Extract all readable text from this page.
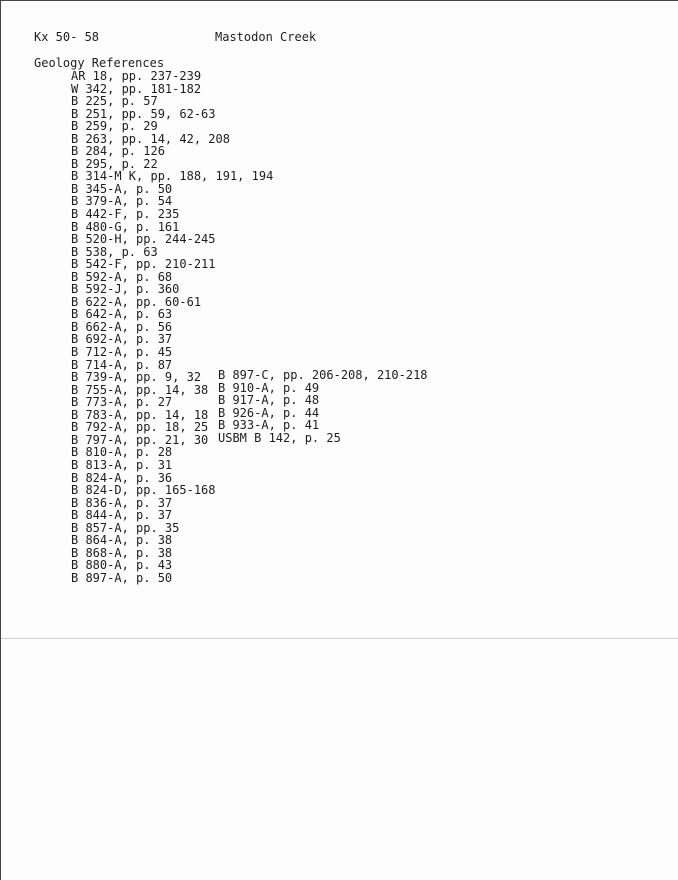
Kx 50- 58	Mastodon Creek
Geology References
AR 18, pp. 237-239
W 342, pp. 181-182
B 225, p. 57
B 251, pp. 59, 62-63
B 259, p. 29
B 263, pp. 14, 42, 208
B 284, p. 126
B 295, p. 22
B 314-M K, pp. 188, 191, 194
B 345-A, p. 50
B 379-A, p. 54
B 442-F, p. 235
B 480-G, p. 161
B 520-H, pp. 244-245
B 538, p. 63
B 542-F, pp. 210-211
B 592-A, p. 68
B 592-J, p. 360
B 622-A, pp. 60-61
B 642-A, p. 63
B 662-A, p. 56
B 692-A, p. 37
B 712-A, p. 45
B 714-A, p. 87
B 739-A, pp. 9, 32
B 755-A, pp. 14, 38
B 773-A, p. 27
B 783-A, pp. 14, 18
B 792-A, pp. 18, 25
B 797-A, pp. 21, 30
B 810-A, p. 28
B 813-A, p. 31
B 824-A, p. 36
B 824-D, pp. 165-168
B 836-A, p. 37
B 844-A, p. 37
B 857-A, pp. 35
B 864-A, p. 38
B 868-A, p. 38
B 880-A, p. 43
B 897-A, p. 50
B 897-C, pp. 206-208, 210-218
B 910-A, p. 49
B 917-A, p. 48
B 926-A, p. 44
B 933-A, p. 41
USBM B 142, p. 25
